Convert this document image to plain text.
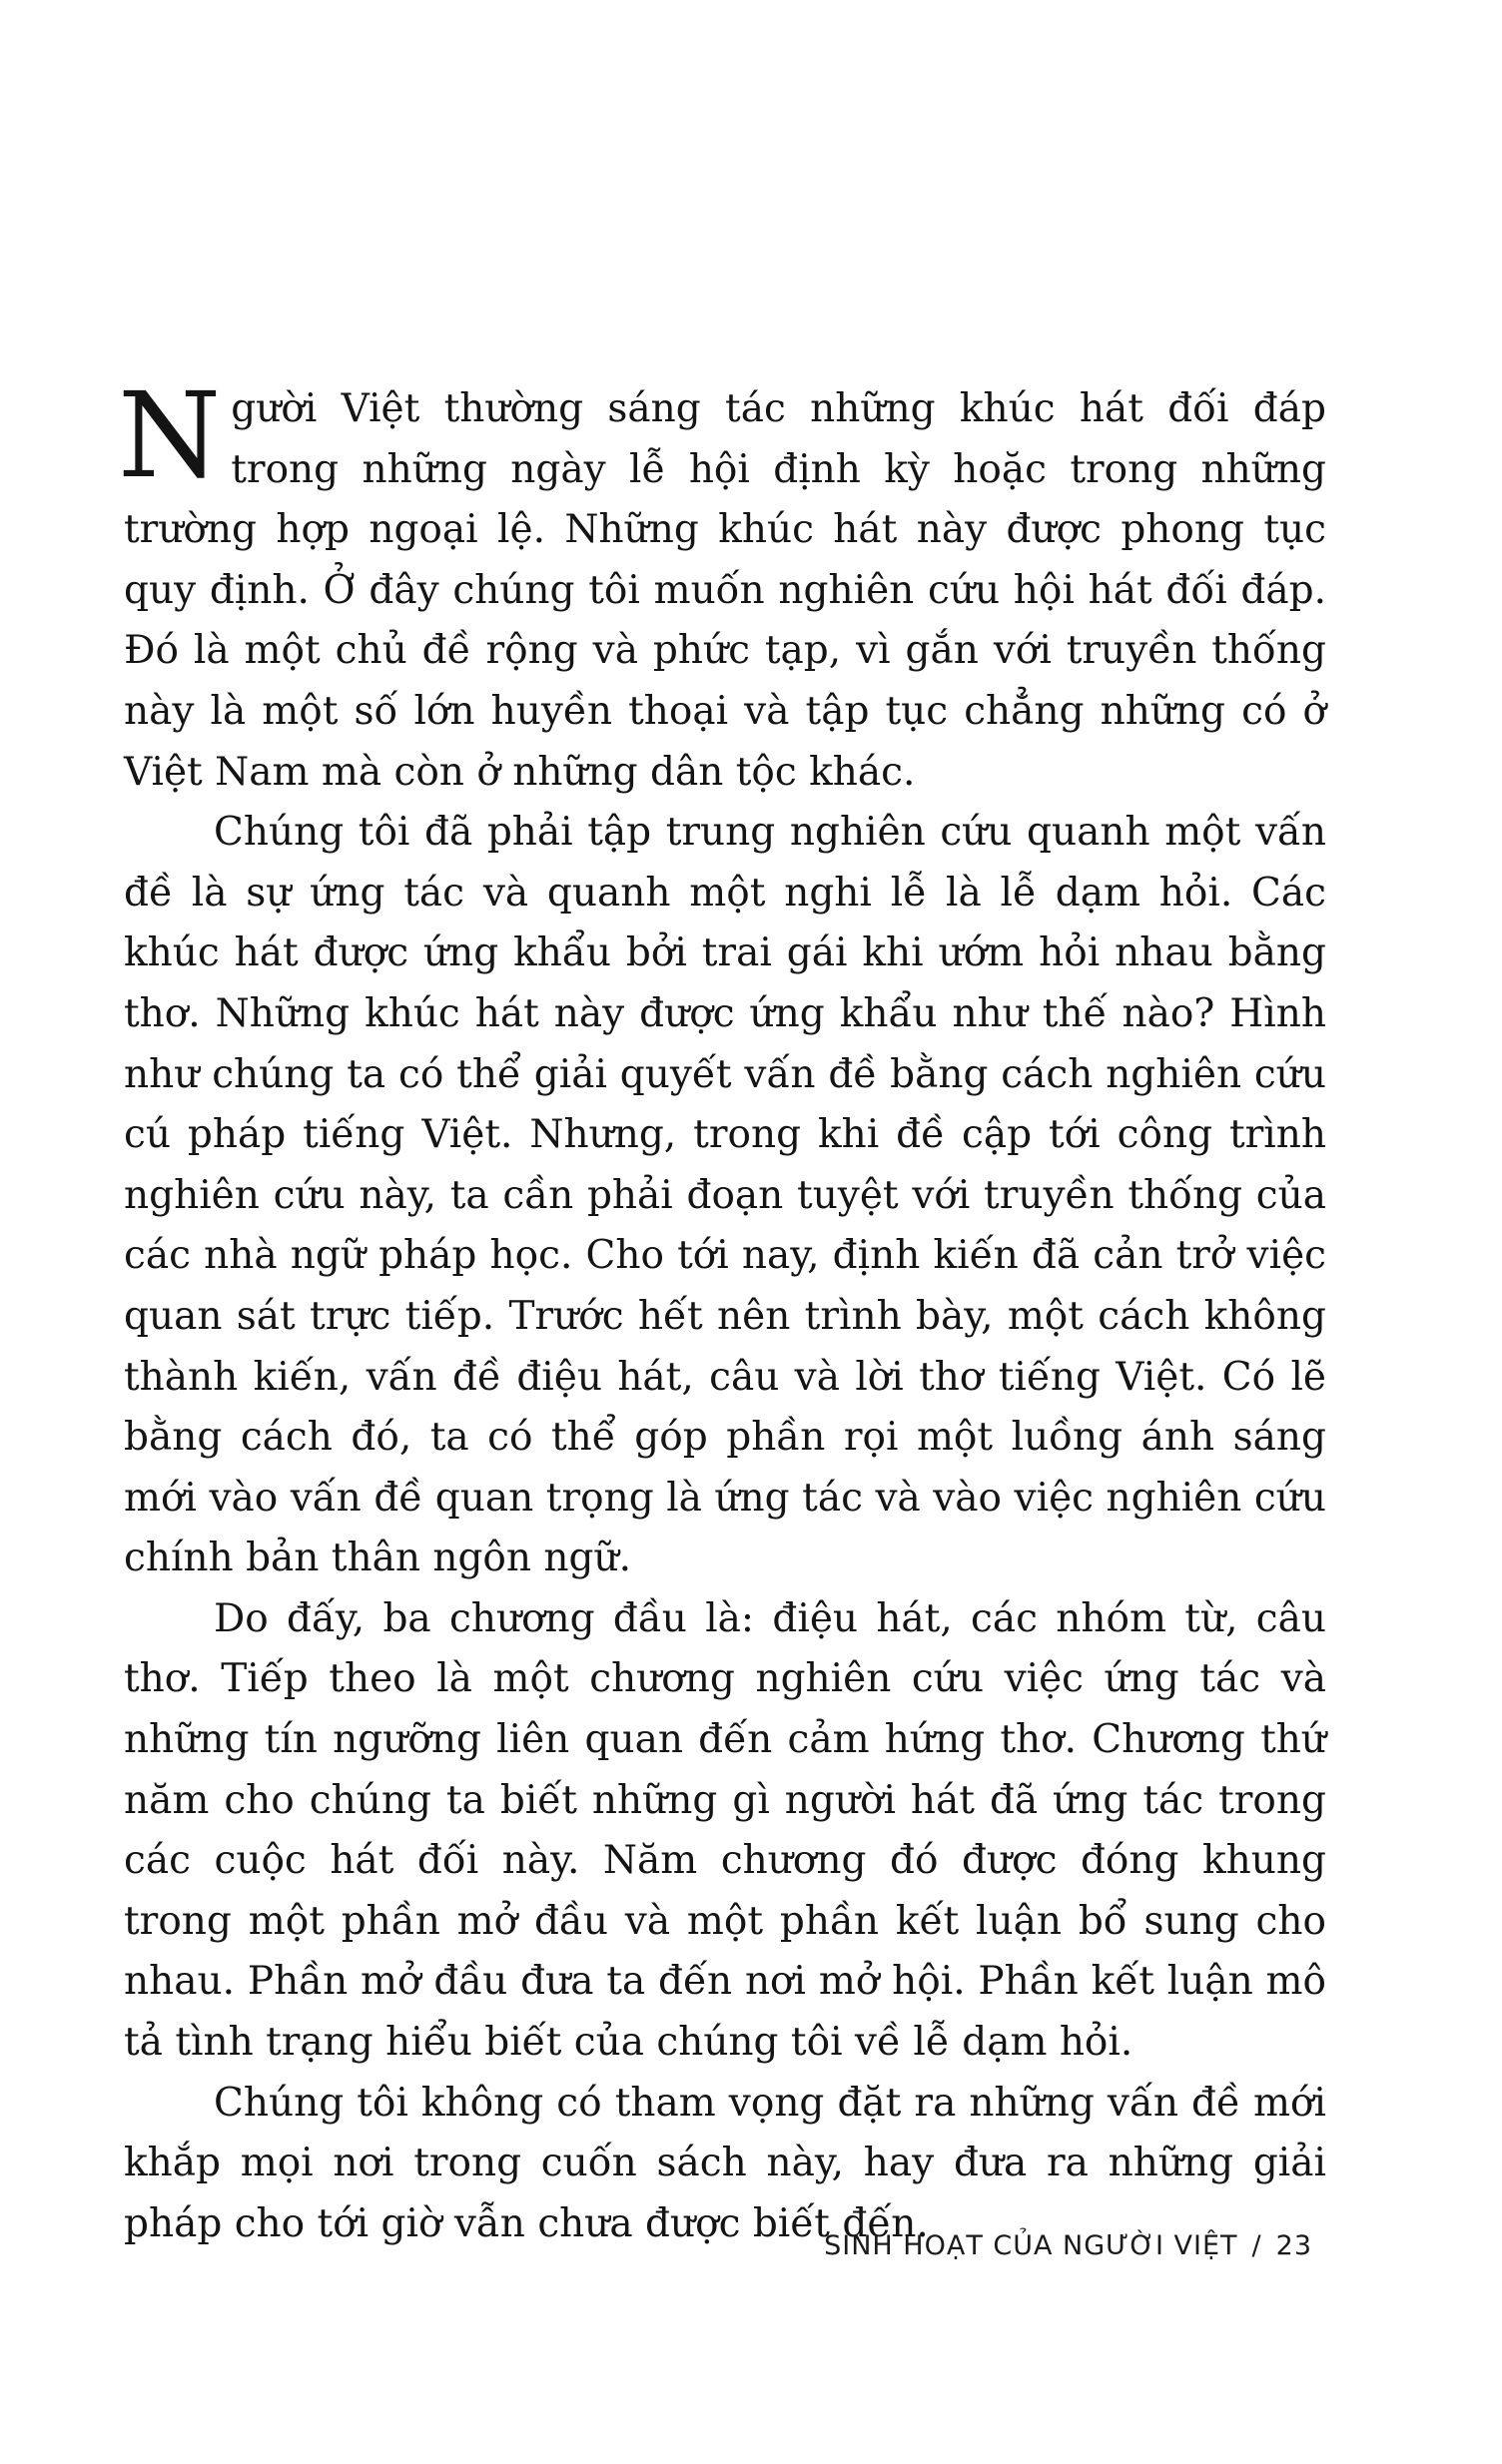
Người Việt thường sáng tác những khúc hát đối đáp trong những ngày lễ hội định kỳ hoặc trong những trường hợp ngoại lệ. Những khúc hát này được phong tục quy định. Ở đây chúng tôi muốn nghiên cứu hội hát đối đáp. Đó là một chủ đề rộng và phức tạp, vì gắn với truyền thống này là một số lớn huyền thoại và tập tục chẳng những có ở Việt Nam mà còn ở những dân tộc khác.

Chúng tôi đã phải tập trung nghiên cứu quanh một vấn đề là sự ứng tác và quanh một nghi lễ là lễ dạm hỏi. Các khúc hát được ứng khẩu bởi trai gái khi ướm hỏi nhau bằng thơ. Những khúc hát này được ứng khẩu như thế nào? Hình như chúng ta có thể giải quyết vấn đề bằng cách nghiên cứu cú pháp tiếng Việt. Nhưng, trong khi đề cập tới công trình nghiên cứu này, ta cần phải đoạn tuyệt với truyền thống của các nhà ngữ pháp học. Cho tới nay, định kiến đã cản trở việc quan sát trực tiếp. Trước hết nên trình bày, một cách không thành kiến, vấn đề điệu hát, câu và lời thơ tiếng Việt. Có lẽ bằng cách đó, ta có thể góp phần rọi một luồng ánh sáng mới vào vấn đề quan trọng là ứng tác và vào việc nghiên cứu chính bản thân ngôn ngữ.

Do đấy, ba chương đầu là: điệu hát, các nhóm từ, câu thơ. Tiếp theo là một chương nghiên cứu việc ứng tác và những tín ngưỡng liên quan đến cảm hứng thơ. Chương thứ năm cho chúng ta biết những gì người hát đã ứng tác trong các cuộc hát đối này. Năm chương đó được đóng khung trong một phần mở đầu và một phần kết luận bổ sung cho nhau. Phần mở đầu đưa ta đến nơi mở hội. Phần kết luận mô tả tình trạng hiểu biết của chúng tôi về lễ dạm hỏi.

Chúng tôi không có tham vọng đặt ra những vấn đề mới khắp mọi nơi trong cuốn sách này, hay đưa ra những giải pháp cho tới giờ vẫn chưa được biết đến.

SINH HOẠT CỦA NGƯỜI VIỆT / 23
